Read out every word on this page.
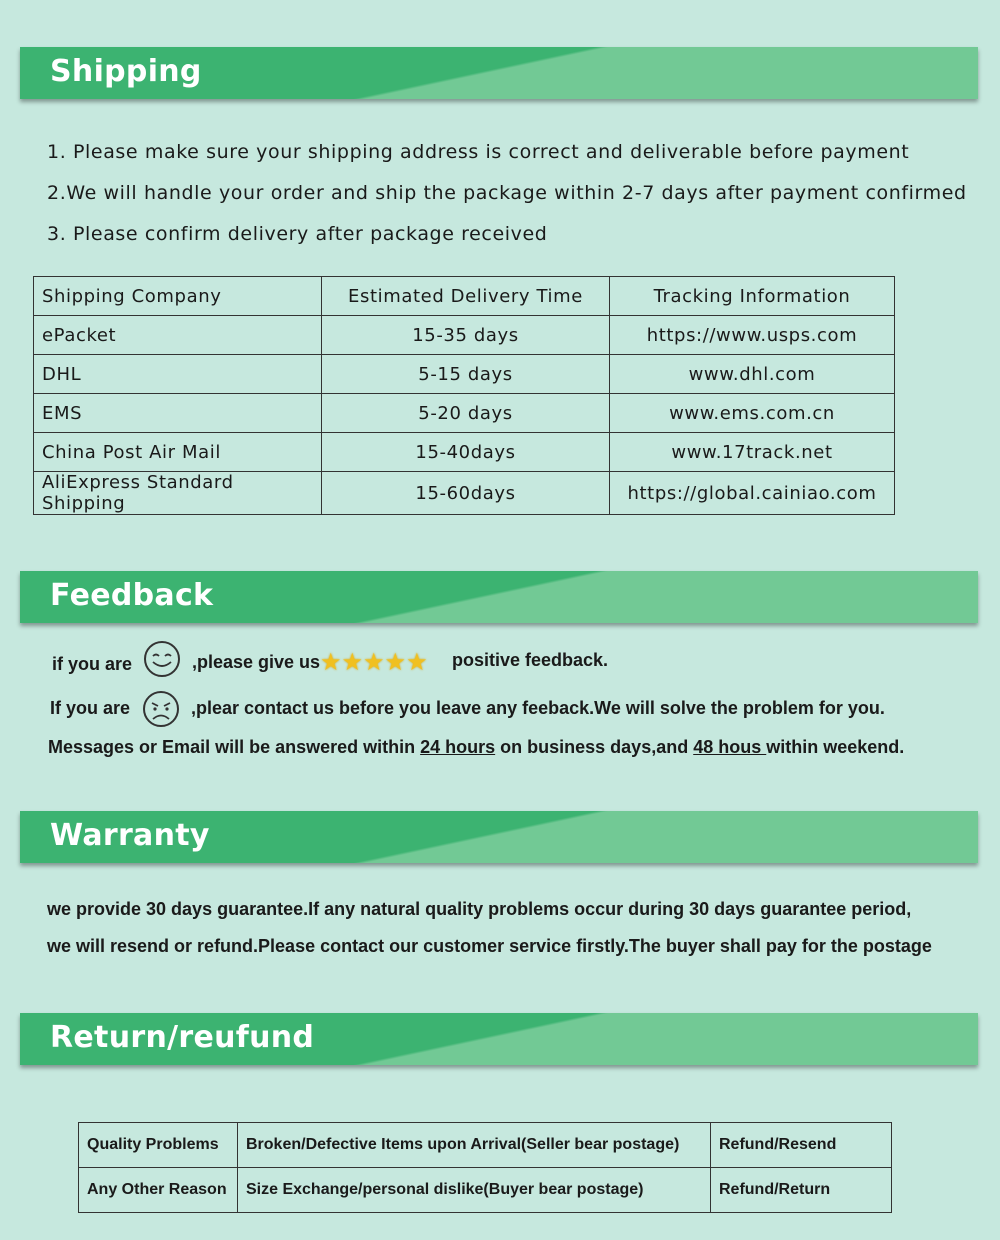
Shipping
1. Please make sure your shipping address is correct and deliverable before payment
2.We will handle your order and ship the package within 2-7 days after payment confirmed
3. Please confirm delivery after package received
Shipping Company	Estimated Delivery Time	Tracking Information
ePacket	15-35 days	https://www.usps.com
DHL	5-15 days	www.dhl.com
EMS	5-20 days	www.ems.com.cn
China Post Air Mail	15-40days	www.17track.net
AliExpress Standard Shipping	15-60days	https://global.cainiao.com
Feedback
if you are	,please give us ★★★★★ positive feedback.
If you are	,plear contact us before you leave any feeback.We will solve the problem for you.
Messages or Email will be answered within 24 hours on business days,and 48 hous within weekend.
Warranty
we provide 30 days guarantee.If any natural quality problems occur during 30 days guarantee period,
we will resend or refund.Please contact our customer service firstly.The buyer shall pay for the postage
Return/reufund
Quality Problems	Broken/Defective Items upon Arrival(Seller bear postage)	Refund/Resend
Any Other Reason	Size Exchange/personal dislike(Buyer bear postage)	Refund/Return
